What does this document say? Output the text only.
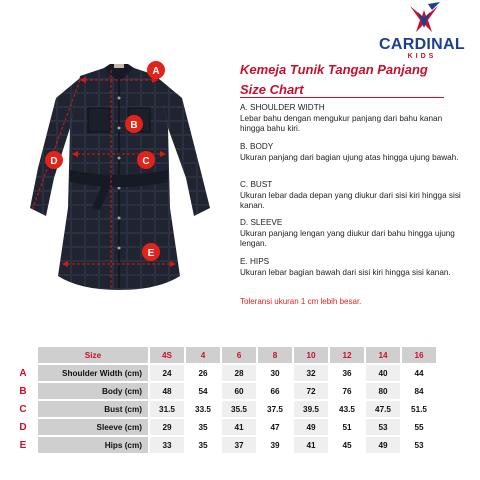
CARDINAL
KIDS
A
B
C
D
E
Kemeja Tunik Tangan Panjang
Size Chart
A. SHOULDER WIDTH
Lebar bahu dengan mengukur panjang dari bahu kanan hingga bahu kiri.
B. BODY
Ukuran panjang dari bagian ujung atas hingga ujung bawah.
C. BUST
Ukuran lebar dada depan yang diukur dari sisi kiri hingga sisi kanan.
D. SLEEVE
Ukuran panjang lengan yang diukur dari bahu hingga ujung lengan.
E. HIPS
Ukuran lebar bagian bawah dari sisi kiri hingga sisi kanan.
Toleransi ukuran 1 cm lebih besar.
	Size	4S	4	6	8	10	12	14	16
A	Shoulder Width (cm)	24	26	28	30	32	36	40	44
B	Body (cm)	48	54	60	66	72	76	80	84
C	Bust (cm)	31.5	33.5	35.5	37.5	39.5	43.5	47.5	51.5
D	Sleeve (cm)	29	35	41	47	49	51	53	55
E	Hips (cm)	33	35	37	39	41	45	49	53
